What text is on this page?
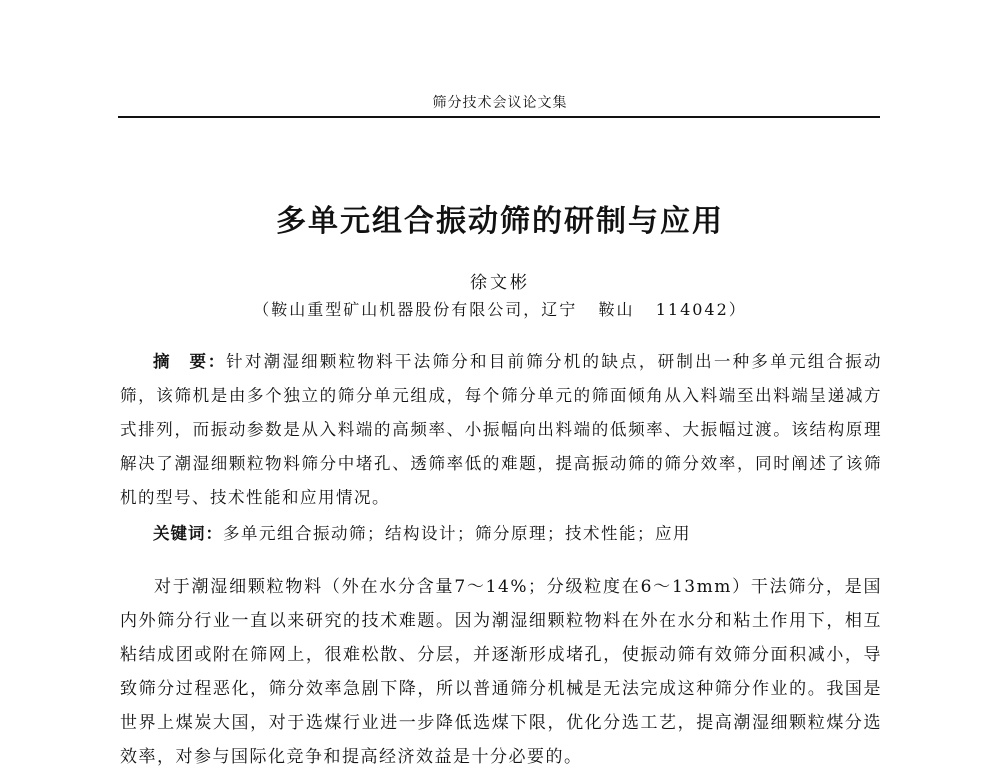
筛分技术会议论文集
多单元组合振动筛的研制与应用
徐文彬
（鞍山重型矿山机器股份有限公司，辽宁   鞍山   114042）

摘　要：针对潮湿细颗粒物料干法筛分和目前筛分机的缺点，研制出一种多单元组合振动筛，该筛机是由多个独立的筛分单元组成，每个筛分单元的筛面倾角从入料端至出料端呈递减方式排列，而振动参数是从入料端的高频率、小振幅向出料端的低频率、大振幅过渡。该结构原理解决了潮湿细颗粒物料筛分中堵孔、透筛率低的难题，提高振动筛的筛分效率，同时阐述了该筛机的型号、技术性能和应用情况。

关键词：多单元组合振动筛；结构设计；筛分原理；技术性能；应用

对于潮湿细颗粒物料（外在水分含量7～14%；分级粒度在6～13mm）干法筛分，是国内外筛分行业一直以来研究的技术难题。因为潮湿细颗粒物料在外在水分和粘土作用下，相互粘结成团或附在筛网上，很难松散、分层，并逐渐形成堵孔，使振动筛有效筛分面积减小，导致筛分过程恶化，筛分效率急剧下降，所以普通筛分机械是无法完成这种筛分作业的。我国是世界上煤炭大国，对于选煤行业进一步降低选煤下限，优化分选工艺，提高潮湿细颗粒煤分选效率，对参与国际化竞争和提高经济效益是十分必要的。
